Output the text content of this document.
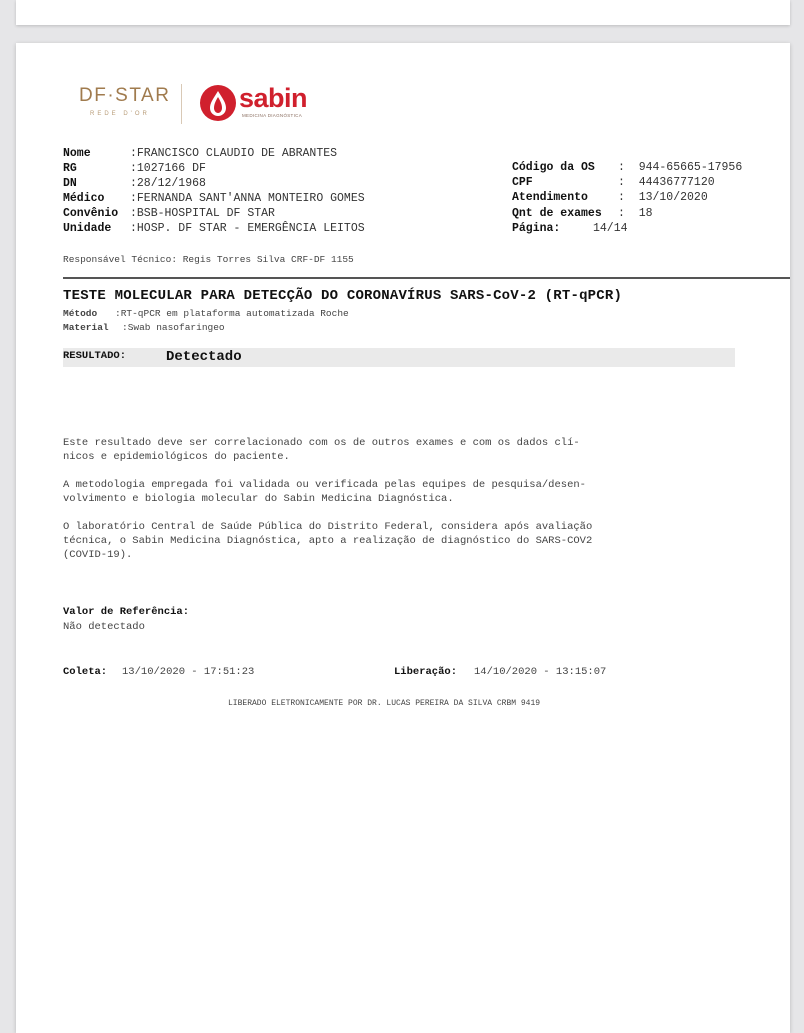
DF·STAR
REDE D'OR
sabin
MEDICINA DIAGNÓSTICA
Nome	:FRANCISCO CLAUDIO DE ABRANTES
RG	:1027166 DF
DN	:28/12/1968
Médico :FERNANDA SANT'ANNA MONTEIRO GOMES
Convênio :BSB-HOSPITAL DF STAR
Unidade :HOSP. DF STAR - EMERGÊNCIA LEITOS
Código da OS :  944-65665-17956
CPF	:  44436777120
Atendimento	:  13/10/2020
Qnt de exames :  18
Página:	14/14
Responsável Técnico: Regis Torres Silva CRF-DF 1155
TESTE MOLECULAR PARA DETECÇÃO DO CORONAVÍRUS SARS-CoV-2 (RT-qPCR)
Método :RT-qPCR em plataforma automatizada Roche
Material :Swab nasofaringeo
RESULTADO:	Detectado
Este resultado deve ser correlacionado com os de outros exames e com os dados clí-
nicos e epidemiológicos do paciente.
A metodologia empregada foi validada ou verificada pelas equipes de pesquisa/desen-
volvimento e biologia molecular do Sabin Medicina Diagnóstica.
O laboratório Central de Saúde Pública do Distrito Federal, considera após avaliação
técnica, o Sabin Medicina Diagnóstica, apto a realização de diagnóstico do SARS-COV2
(COVID-19).
Valor de Referência:
Não detectado
Coleta: 13/10/2020 - 17:51:23	Liberação: 14/10/2020 - 13:15:07
LIBERADO ELETRONICAMENTE POR DR. LUCAS PEREIRA DA SILVA CRBM 9419
